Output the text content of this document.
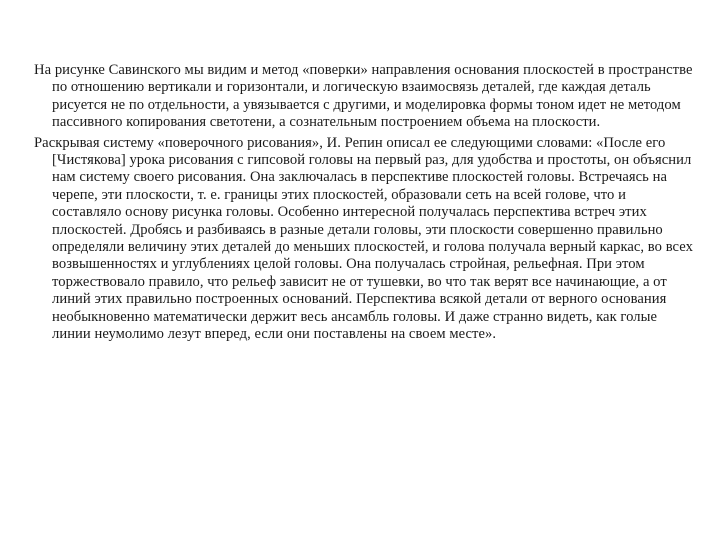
На рисунке Савинского мы видим и метод «поверки» направления основания плоскостей в пространстве по отношению вертикали и горизонтали, и логическую взаимосвязь деталей, где каждая деталь рисуется не по отдельности, а увязывается с другими, и моделировка формы тоном идет не методом пассивного копирования светотени, а сознательным построением объема на плоскости.

Раскрывая систему «поверочного рисования», И. Репин описал ее следующими словами: «После его [Чистякова] урока рисования с гипсовой головы на первый раз, для удобства и простоты, он объяснил нам систему своего рисования. Она заключалась в перспективе плоскостей головы. Встречаясь на черепе, эти плоскости, т. е. границы этих плоскостей, образовали сеть на всей голове, что и составляло основу рисунка головы. Особенно интересной получалась перспектива встреч этих плоскостей. Дробясь и разбиваясь в разные детали головы, эти плоскости совершенно правильно определяли величину этих деталей до меньших плоскостей, и голова получала верный каркас, во всех возвышенностях и углублениях целой головы. Она получалась стройная, рельефная. При этом торжествовало правило, что рельеф зависит не от тушевки, во что так верят все начинающие, а от линий этих правильно построенных оснований. Перспектива всякой детали от верного основания необыкновенно математически держит весь ансамбль головы. И даже странно видеть, как голые линии неумолимо лезут вперед, если они поставлены на своем месте».
